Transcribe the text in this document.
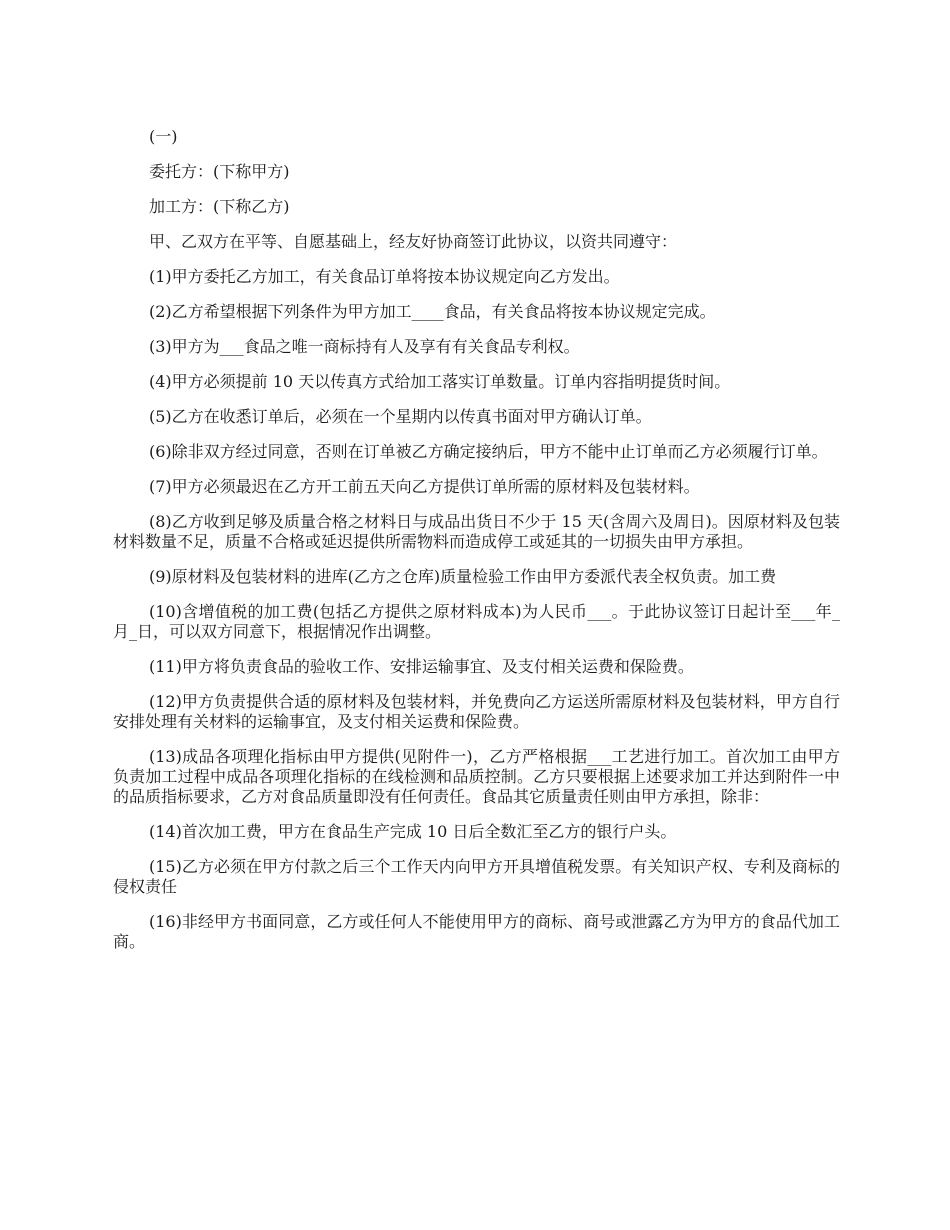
(一)

委托方：(下称甲方)

加工方：(下称乙方)

甲、乙双方在平等、自愿基础上，经友好协商签订此协议，以资共同遵守：

(1)甲方委托乙方加工，有关食品订单将按本协议规定向乙方发出。

(2)乙方希望根据下列条件为甲方加工____食品，有关食品将按本协议规定完成。

(3)甲方为___食品之唯一商标持有人及享有有关食品专利权。

(4)甲方必须提前 10 天以传真方式给加工落实订单数量。订单内容指明提货时间。

(5)乙方在收悉订单后，必须在一个星期内以传真书面对甲方确认订单。

(6)除非双方经过同意，否则在订单被乙方确定接纳后，甲方不能中止订单而乙方必须履行订单。

(7)甲方必须最迟在乙方开工前五天向乙方提供订单所需的原材料及包装材料。

(8)乙方收到足够及质量合格之材料日与成品出货日不少于 15 天(含周六及周日)。因原材料及包装材料数量不足，质量不合格或延迟提供所需物料而造成停工或延其的一切损失由甲方承担。

(9)原材料及包装材料的进库(乙方之仓库)质量检验工作由甲方委派代表全权负责。加工费

(10)含增值税的加工费(包括乙方提供之原材料成本)为人民币___。于此协议签订日起计至___年_月_日，可以双方同意下，根据情况作出调整。

(11)甲方将负责食品的验收工作、安排运输事宜、及支付相关运费和保险费。

(12)甲方负责提供合适的原材料及包装材料，并免费向乙方运送所需原材料及包装材料，甲方自行安排处理有关材料的运输事宜，及支付相关运费和保险费。

(13)成品各项理化指标由甲方提供(见附件一)，乙方严格根据___工艺进行加工。首次加工由甲方负责加工过程中成品各项理化指标的在线检测和品质控制。乙方只要根据上述要求加工并达到附件一中的品质指标要求，乙方对食品质量即没有任何责任。食品其它质量责任则由甲方承担，除非：

(14)首次加工费，甲方在食品生产完成 10 日后全数汇至乙方的银行户头。

(15)乙方必须在甲方付款之后三个工作天内向甲方开具增值税发票。有关知识产权、专利及商标的侵权责任

(16)非经甲方书面同意，乙方或任何人不能使用甲方的商标、商号或泄露乙方为甲方的食品代加工商。
